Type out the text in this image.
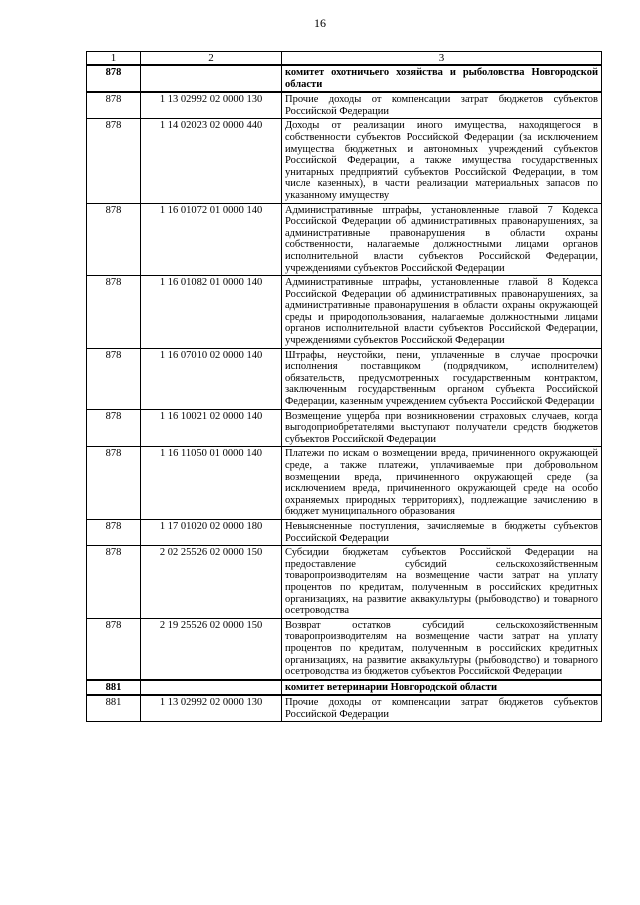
16
1	2	3
878		комитет охотничьего хозяйства и рыболовства Новгородской области
878	1 13 02992 02 0000 130	Прочие доходы от компенсации затрат бюджетов субъектов Российской Федерации
878	1 14 02023 02 0000 440	Доходы от реализации иного имущества, находящегося в собственности субъектов Российской Федерации (за исключением имущества бюджетных и автономных учреждений субъектов Российской Федерации, а также имущества государственных унитарных предприятий субъектов Российской Федерации, в том числе казенных), в части реализации материальных запасов по указанному имуществу
878	1 16 01072 01 0000 140	Административные штрафы, установленные главой 7 Кодекса Российской Федерации об административных правонарушениях, за административные правонарушения в области охраны собственности, налагаемые должностными лицами органов исполнительной власти субъектов Российской Федерации, учреждениями субъектов Российской Федерации
878	1 16 01082 01 0000 140	Административные штрафы, установленные главой 8 Кодекса Российской Федерации об административных правонарушениях, за административные правонарушения в области охраны окружающей среды и природопользования, налагаемые должностными лицами органов исполнительной власти субъектов Российской Федерации, учреждениями субъектов Российской Федерации
878	1 16 07010 02 0000 140	Штрафы, неустойки, пени, уплаченные в случае просрочки исполнения поставщиком (подрядчиком, исполнителем) обязательств, предусмотренных государственным контрактом, заключенным государственным органом субъекта Российской Федерации, казенным учреждением субъекта Российской Федерации
878	1 16 10021 02 0000 140	Возмещение ущерба при возникновении страховых случаев, когда выгодоприобретателями выступают получатели средств бюджетов субъектов Российской Федерации
878	1 16 11050 01 0000 140	Платежи по искам о возмещении вреда, причиненного окружающей среде, а также платежи, уплачиваемые при добровольном возмещении вреда, причиненного окружающей среде (за исключением вреда, причиненного окружающей среде на особо охраняемых природных территориях), подлежащие зачислению в бюджет муниципального образования
878	1 17 01020 02 0000 180	Невыясненные поступления, зачисляемые в бюджеты субъектов Российской Федерации
878	2 02 25526 02 0000 150	Субсидии бюджетам субъектов Российской Федерации на предоставление субсидий сельскохозяйственным товаропроизводителям на возмещение части затрат на уплату процентов по кредитам, полученным в российских кредитных организациях, на развитие аквакультуры (рыбоводство) и товарного осетроводства
878	2 19 25526 02 0000 150	Возврат остатков субсидий сельскохозяйственным товаропроизводителям на возмещение части затрат на уплату процентов по кредитам, полученным в российских кредитных организациях, на развитие аквакультуры (рыбоводство) и товарного осетроводства из бюджетов субъектов Российской Федерации
881		комитет ветеринарии Новгородской области
881	1 13 02992 02 0000 130	Прочие доходы от компенсации затрат бюджетов субъектов Российской Федерации
